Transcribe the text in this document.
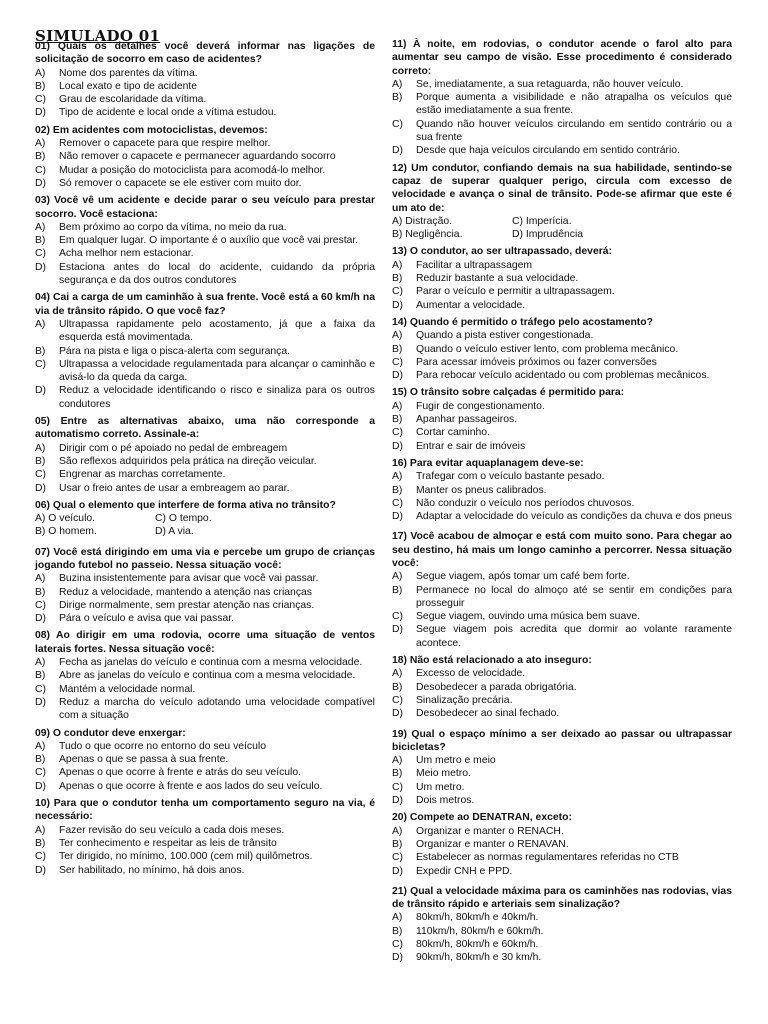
SIMULADO 01
01) Quais os detalhes você deverá informar nas ligações de solicitação de socorro em caso de acidentes?
A)	Nome dos parentes da vítima.
B)	Local exato e tipo de acidente
C)	Grau de escolaridade da vítima.
D)	Tipo de acidente e local onde a vítima estudou.
02) Em acidentes com motociclistas, devemos:
A)	Remover o capacete para que respire melhor.
B)	Não remover o capacete e permanecer aguardando socorro
C)	Mudar a posição do motociclista para acomodá-lo melhor.
D)	Só remover o capacete se ele estiver com muito dor.
03) Você vê um acidente e decide parar o seu veículo para prestar socorro. Você estaciona:
A)	Bem próximo ao corpo da vítima, no meio da rua.
B)	Em qualquer lugar. O importante é o auxílio que você vai prestar.
C)	Acha melhor nem estacionar.
D)	Estaciona antes do local do acidente, cuidando da própria segurança e da dos outros condutores
04) Cai a carga de um caminhão à sua frente. Você está a 60 km/h na via de trânsito rápido. O que você faz?
A)	Ultrapassa rapidamente pelo acostamento, já que a faixa da esquerda está movimentada.
B)	Pára na pista e liga o pisca-alerta com segurança.
C)	Ultrapassa a velocidade regulamentada para alcançar o caminhão e avisá-lo da queda da carga.
D)	Reduz a velocidade identificando o risco e sinaliza para os outros condutores
05) Entre as alternativas abaixo, uma não corresponde a automatismo correto. Assinale-a:
A)	Dirigir com o pé apoiado no pedal de embreagem
B)	São reflexos adquiridos pela prática na direção veicular.
C)	Engrenar as marchas corretamente.
D)	Usar o freio antes de usar a embreagem ao parar.
06) Qual o elemento que interfere de forma ativa no trânsito?
A) O veículo.	C) O tempo.
B) O homem.	D) A via.
07) Você está dirigindo em uma via e percebe um grupo de crianças jogando futebol no passeio. Nessa situação você:
A)	Buzina insistentemente para avisar que você vai passar.
B)	Reduz a velocidade, mantendo a atenção nas crianças
C)	Dirige normalmente, sem prestar atenção nas crianças.
D)	Pára o veículo e avisa que vai passar.
08) Ao dirigir em uma rodovia, ocorre uma situação de ventos laterais fortes. Nessa situação você:
A)	Fecha as janelas do veículo e continua com a mesma velocidade.
B)	Abre as janelas do veículo e continua com a mesma velocidade.
C)	Mantém a velocidade normal.
D)	Reduz a marcha do veículo adotando uma velocidade compatível com a situação
09) O condutor deve enxergar:
A)	Tudo o que ocorre no entorno do seu veículo
B)	Apenas o que se passa à sua frente.
C)	Apenas o que ocorre à frente e atrás do seu veículo.
D)	Apenas o que ocorre à frente e aos lados do seu veículo.
10) Para que o condutor tenha um comportamento seguro na via, é necessário:
A)	Fazer revisão do seu veículo a cada dois meses.
B)	Ter conhecimento e respeitar as leis de trânsito
C)	Ter dirigido, no mínimo, 100.000 (cem mil) quilômetros.
D)	Ser habilitado, no mínimo, há dois anos.
11) À noite, em rodovias, o condutor acende o farol alto para aumentar seu campo de visão. Esse procedimento é considerado correto:
A)	Se, imediatamente, a sua retaguarda, não houver veículo.
B)	Porque aumenta a visibilidade e não atrapalha os veículos que estão imediatamente a sua frente.
C)	Quando não houver veículos circulando em sentido contrário ou a sua frente
D)	Desde que haja veículos circulando em sentido contrário.
12) Um condutor, confiando demais na sua habilidade, sentindo-se capaz de superar qualquer perigo, circula com excesso de velocidade e avança o sinal de trânsito. Pode-se afirmar que este é um ato de:
A) Distração.	C) Imperícia.
B) Negligência.	D) Imprudência
13) O condutor, ao ser ultrapassado, deverá:
A)	Facilitar a ultrapassagem
B)	Reduzir bastante a sua velocidade.
C)	Parar o veículo e permitir a ultrapassagem.
D)	Aumentar a velocidade.
14) Quando é permitido o tráfego pelo acostamento?
A)	Quando a pista estiver congestionada.
B)	Quando o veículo estiver lento, com problema mecânico.
C)	Para acessar imóveis próximos ou fazer conversões
D)	Para rebocar veículo acidentado ou com problemas mecânicos.
15) O trânsito sobre calçadas é permitido para:
A)	Fugir de congestionamento.
B)	Apanhar passageiros.
C)	Cortar caminho.
D)	Entrar e sair de imóveis
16) Para evitar aquaplanagem deve-se:
A)	Trafegar com o veículo bastante pesado.
B)	Manter os pneus calibrados.
C)	Não conduzir o veículo nos períodos chuvosos.
D)	Adaptar a velocidade do veículo as condições da chuva e dos pneus
17) Você acabou de almoçar e está com muito sono. Para chegar ao seu destino, há mais um longo caminho a percorrer. Nessa situação você:
A)	Segue viagem, após tomar um café bem forte.
B)	Permanece no local do almoço até se sentir em condições para prosseguir
C)	Segue viagem, ouvindo uma música bem suave.
D)	Segue viagem pois acredita que dormir ao volante raramente acontece.
18) Não está relacionado a ato inseguro:
A)	Excesso de velocidade.
B)	Desobedecer a parada obrigatória.
C)	Sinalização precária.
D)	Desobedecer ao sinal fechado.
19) Qual o espaço mínimo a ser deixado ao passar ou ultrapassar bicicletas?
A)	Um metro e meio
B)	Meio metro.
C)	Um metro.
D)	Dois metros.
20) Compete ao DENATRAN, exceto:
A)	Organizar e manter o RENACH.
B)	Organizar e manter o RENAVAN.
C)	Estabelecer as normas regulamentares referidas no CTB
D)	Expedir CNH e PPD.
21) Qual a velocidade máxima para os caminhões nas rodovias, vias de trânsito rápido e arteriais sem sinalização?
A)	80km/h, 80km/h e 40km/h.
B)	110km/h, 80km/h e 60km/h.
C)	80km/h, 80km/h e 60km/h.
D)	90km/h, 80km/h e 30 km/h.
